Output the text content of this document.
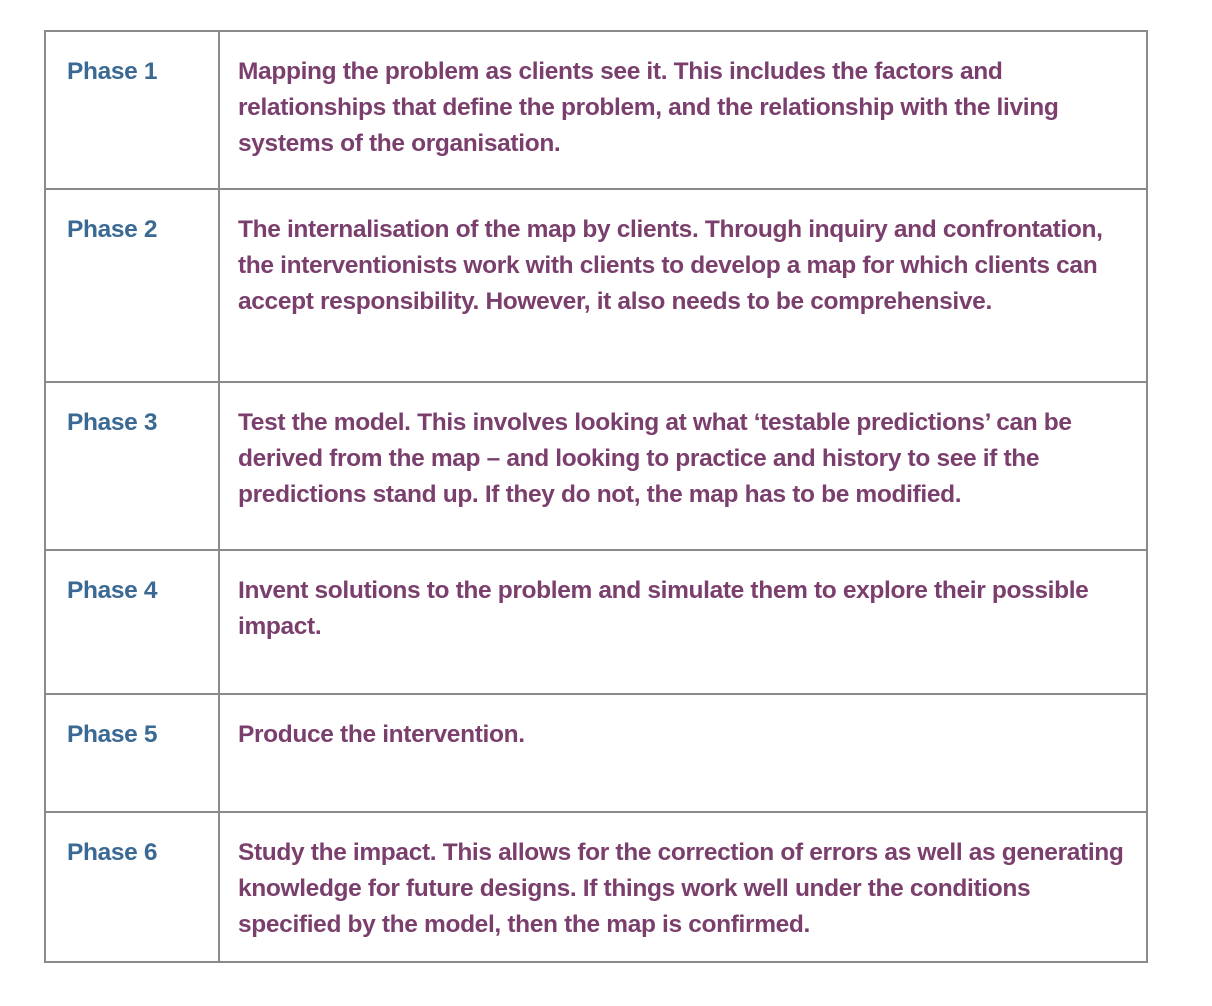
Phase 1	Mapping the problem as clients see it. This includes the factors and relationships that define the problem, and the relationship with the living systems of the organisation.
Phase 2	The internalisation of the map by clients. Through inquiry and confrontation, the interventionists work with clients to develop a map for which clients can accept responsibility. However, it also needs to be comprehensive.
Phase 3	Test the model. This involves looking at what ‘testable predictions’ can be derived from the map – and looking to practice and history to see if the predictions stand up. If they do not, the map has to be modified.
Phase 4	Invent solutions to the problem and simulate them to explore their possible impact.
Phase 5	Produce the intervention.
Phase 6	Study the impact. This allows for the correction of errors as well as generating knowledge for future designs. If things work well under the conditions specified by the model, then the map is confirmed.
